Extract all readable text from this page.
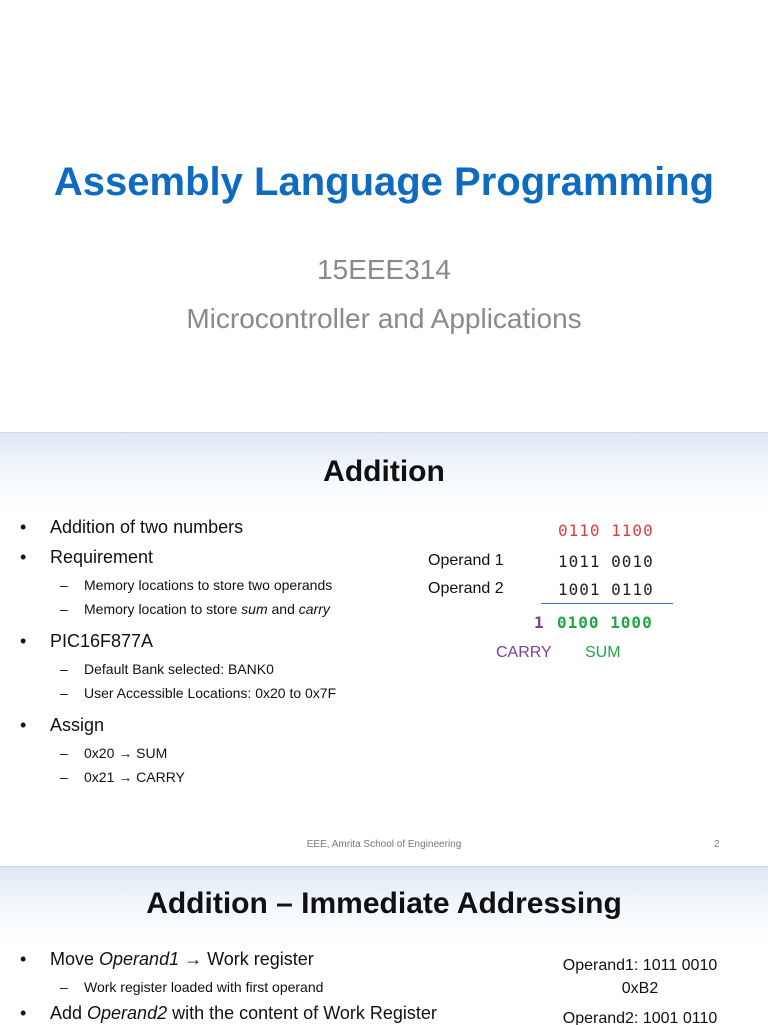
Assembly Language Programming
15EEE314
Microcontroller and Applications
Addition
• Addition of two numbers
• Requirement
– Memory locations to store two operands
– Memory location to store sum and carry
• PIC16F877A
– Default Bank selected: BANK0
– User Accessible Locations: 0x20 to 0x7F
• Assign
– 0x20 → SUM
– 0x21 → CARRY
0110 1100
Operand 1	1011 0010
Operand 2	1001 0110
1 0100 1000
CARRY SUM
EEE, Amrita School of Engineering	2
Addition – Immediate Addressing
• Move Operand1 → Work register
– Work register loaded with first operand
• Add Operand2 with the content of Work Register
Operand1: 1011 0010
0xB2
Operand2: 1001 0110
